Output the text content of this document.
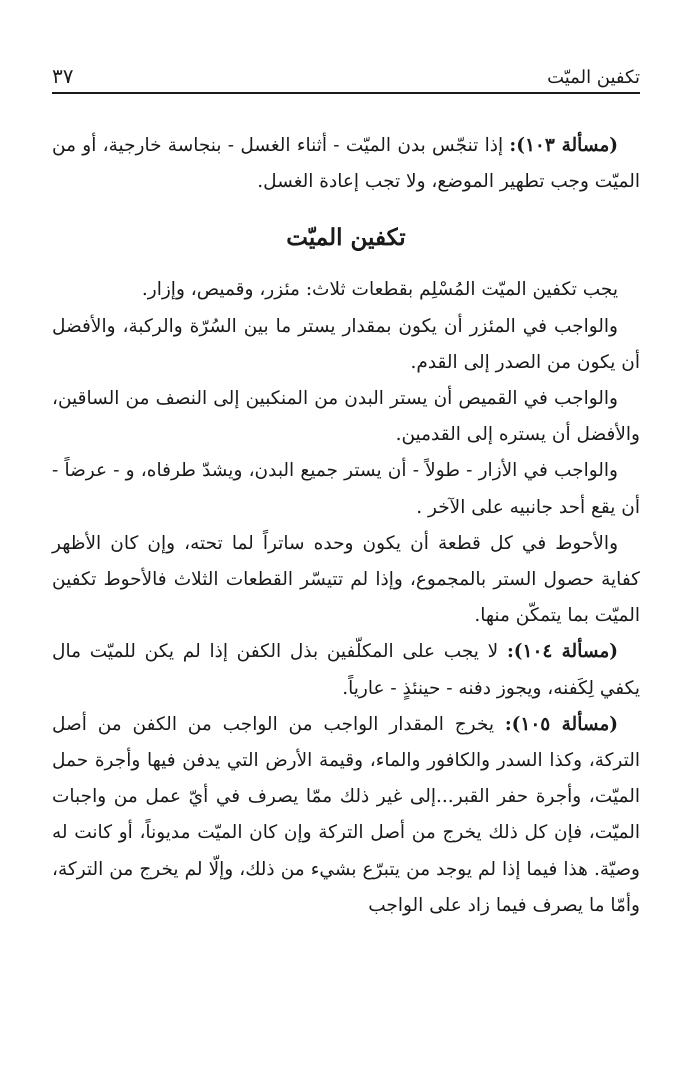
تكفين الميّت
٣٧

(مسألة ١٠٣): إذا تنجّس بدن الميّت - أثناء الغسل - بنجاسة خارجية، أو من الميّت وجب تطهير الموضع، ولا تجب إعادة الغسل.

تكفين الميّت

يجب تكفين الميّت المُسْلِم بقطعات ثلاث: مئزر، وقميص، وإزار.

والواجب في المئزر أن يكون بمقدار يستر ما بين السُرّة والركبة، والأفضل أن يكون من الصدر إلى القدم.

والواجب في القميص أن يستر البدن من المنكبين إلى النصف من الساقين، والأفضل أن يستره إلى القدمين.

والواجب في الأزار - طولاً - أن يستر جميع البدن، ويشدّ طرفاه، و - عرضاً - أن يقع أحد جانبيه على الآخر .

والأحوط في كل قطعة أن يكون وحده ساتراً لما تحته، وإن كان الأظهر كفاية حصول الستر بالمجموع، وإذا لم تتيسّر القطعات الثلاث فالأحوط تكفين الميّت بما يتمكّن منها.

(مسألة ١٠٤): لا يجب على المكلّفين بذل الكفن إذا لم يكن للميّت مال يكفي لِكَفنه، ويجوز دفنه - حينئذٍ - عارياً.

(مسألة ١٠٥): يخرج المقدار الواجب من الواجب من الكفن من أصل التركة، وكذا السدر والكافور والماء، وقيمة الأرض التي يدفن فيها وأجرة حمل الميّت، وأجرة حفر القبر...إلى غير ذلك ممّا يصرف في أيّ عمل من واجبات الميّت، فإن كل ذلك يخرج من أصل التركة وإن كان الميّت مديوناً، أو كانت له وصيّة. هذا فيما إذا لم يوجد من يتبرّع بشيء من ذلك، وإلّا لم يخرج من التركة، وأمّا ما يصرف فيما زاد على الواجب
